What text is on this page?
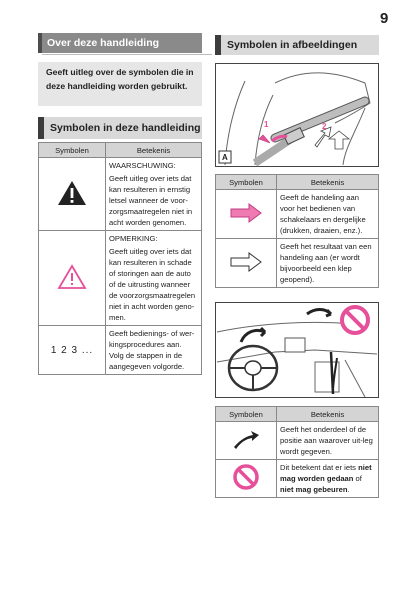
9
Over deze handleiding
Geeft uitleg over de symbolen die in deze handleiding worden gebruikt.
Symbolen in deze handleiding
Symbolen	Betekenis

WAARSCHUWING:
Geeft uitleg over iets dat kan resulteren in ernstig letsel wanneer de voor-zorgsmaatregelen niet in acht worden genomen.

OPMERKING:
Geeft uitleg over iets dat kan resulteren in schade of storingen aan de auto of de uitrusting wanneer de voorzorgsmaatregelen niet in acht worden geno-men.

1 2 3 ...	Geeft bedienings- of wer-kingsprocedures aan. Volg de stappen in de aangegeven volgorde.
Symbolen in afbeeldingen
A
1	2
Symbolen	Betekenis
	Geeft de handeling aan voor het bedienen van schakelaars en dergelijke (drukken, draaien, enz.).
	Geeft het resultaat van een handeling aan (er wordt bijvoorbeeld een klep geopend).
Symbolen	Betekenis
	Geeft het onderdeel of de positie aan waarover uit-leg wordt gegeven.
	Dit betekent dat er iets niet mag worden gedaan of niet mag gebeuren.
